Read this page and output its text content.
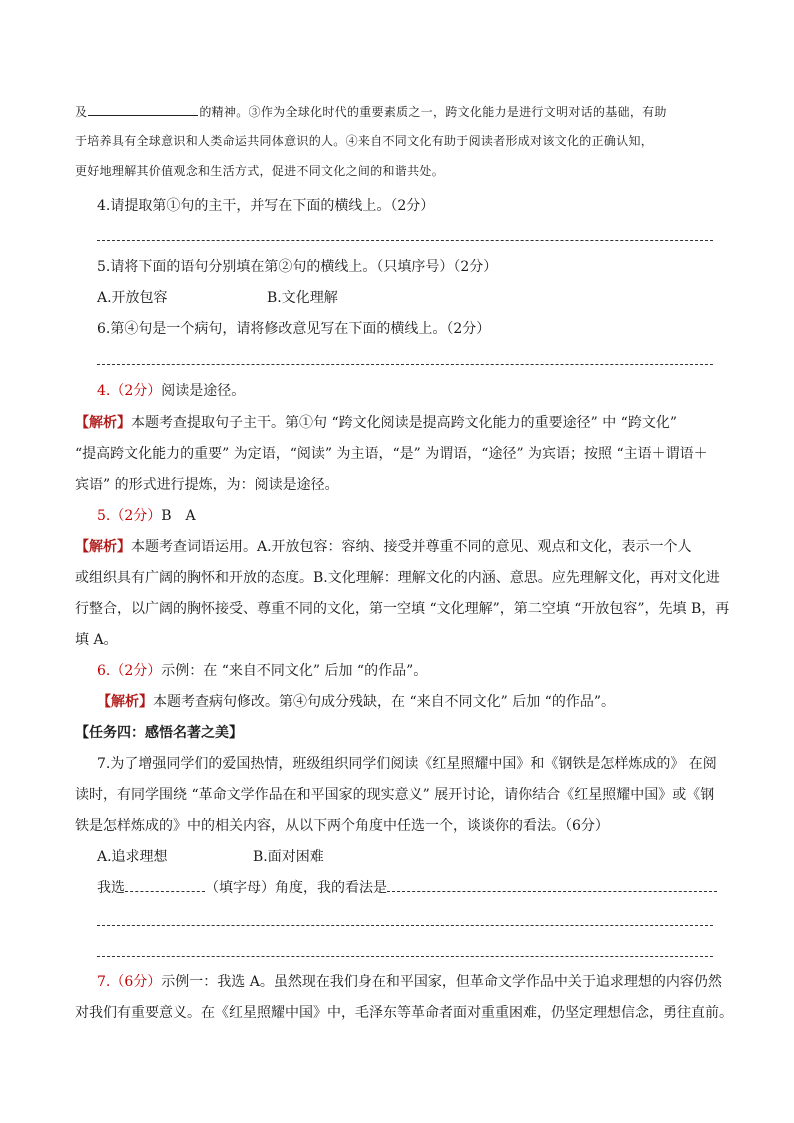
及	的精神。③作为全球化时代的重要素质之一，跨文化能力是进行文明对话的基础，有助
于培养具有全球意识和人类命运共同体意识的人。④来自不同文化有助于阅读者形成对该文化的正确认知，
更好地理解其价值观念和生活方式，促进不同文化之间的和谐共处。
4.请提取第①句的主干，并写在下面的横线上。（2分）
5.请将下面的语句分别填在第②句的横线上。（只填序号）（2分）
A.开放包容	B.文化理解
6.第④句是一个病句，请将修改意见写在下面的横线上。（2分）
4.（2分）阅读是途径。
【解析】本题考查提取句子主干。第①句 “跨文化阅读是提高跨文化能力的重要途径” 中 “跨文化”
“提高跨文化能力的重要” 为定语，“阅读” 为主语，“是” 为谓语，“途径” 为宾语；按照 “主语＋谓语＋
宾语” 的形式进行提炼，为：阅读是途径。
5.（2分）B　A
【解析】本题考查词语运用。A.开放包容：容纳、接受并尊重不同的意见、观点和文化，表示一个人
或组织具有广阔的胸怀和开放的态度。B.文化理解：理解文化的内涵、意思。应先理解文化，再对文化进
行整合，以广阔的胸怀接受、尊重不同的文化，第一空填 “文化理解”，第二空填 “开放包容”，先填 B，再
填 A。
6.（2分）示例：在 “来自不同文化” 后加 “的作品”。
【解析】本题考查病句修改。第④句成分残缺，在 “来自不同文化” 后加 “的作品”。
【任务四：感悟名著之美】
7.为了增强同学们的爱国热情，班级组织同学们阅读《红星照耀中国》和《钢铁是怎样炼成的》 在阅
读时，有同学围绕 “革命文学作品在和平国家的现实意义” 展开讨论，请你结合《红星照耀中国》或《钢
铁是怎样炼成的》中的相关内容，从以下两个角度中任选一个，谈谈你的看法。（6分）
A.追求理想	B.面对困难
我选	（填字母）角度，我的看法是
7.（6分）示例一：我选 A。虽然现在我们身在和平国家，但革命文学作品中关于追求理想的内容仍然
对我们有重要意义。在《红星照耀中国》中，毛泽东等革命者面对重重困难，仍坚定理想信念，勇往直前。
